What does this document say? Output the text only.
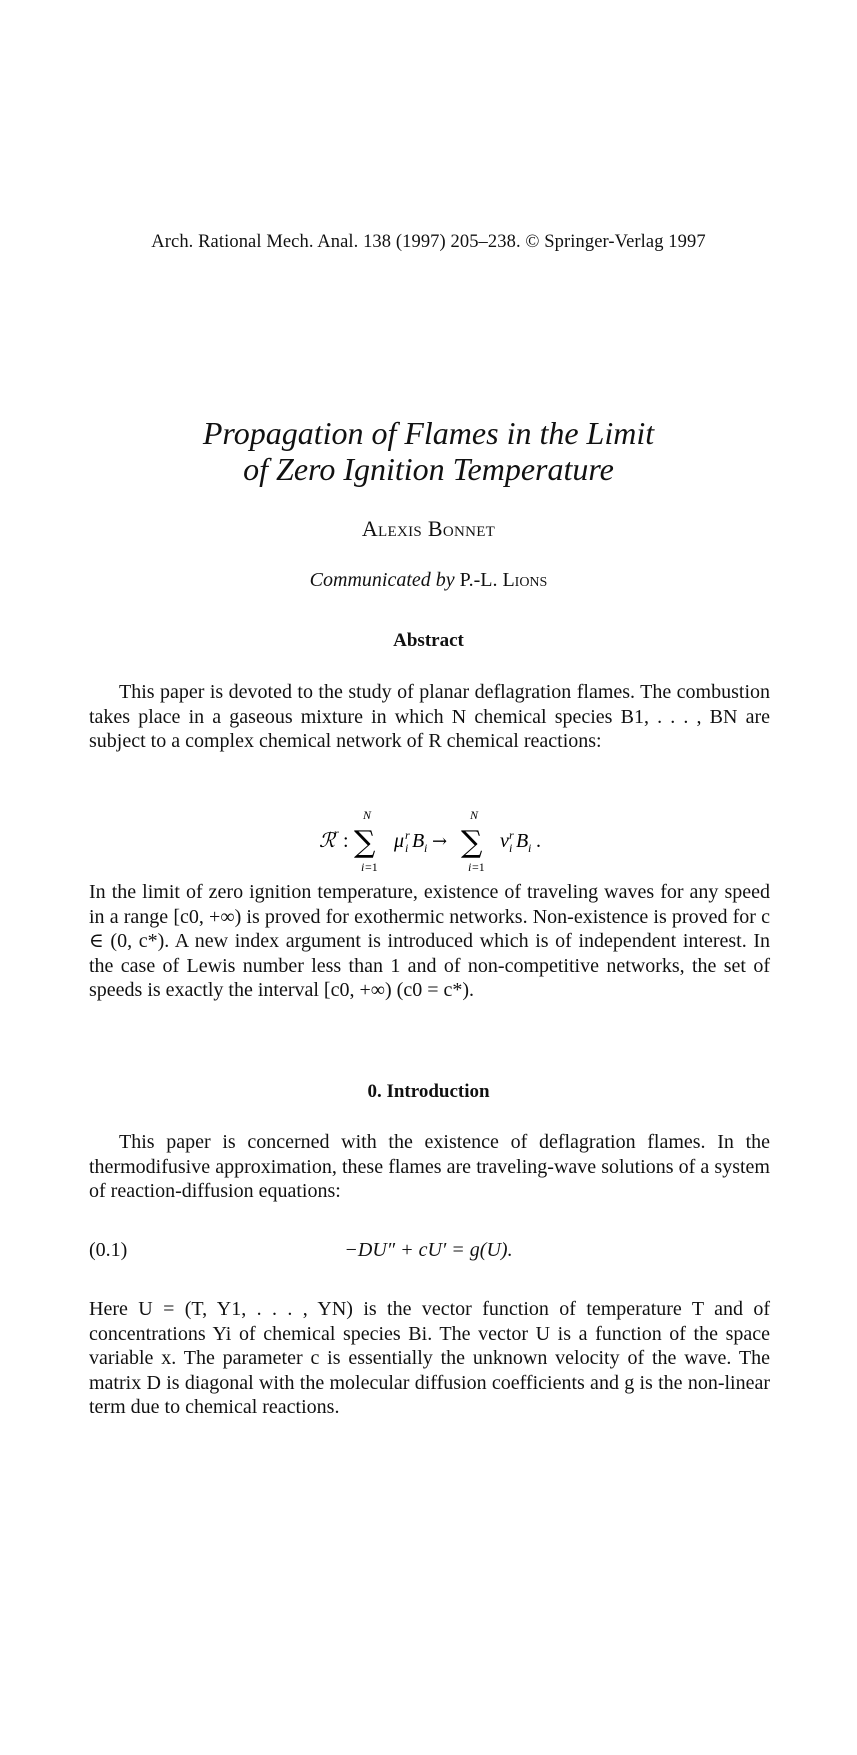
Arch. Rational Mech. Anal. 138 (1997) 205–238. © Springer-Verlag 1997
Propagation of Flames in the Limit
of Zero Ignition Temperature
Alexis Bonnet
Communicated by P.-L. Lions
Abstract

This paper is devoted to the study of planar deflagration flames. The combustion takes place in a gaseous mixture in which N chemical species B1, . . . , BN are subject to a complex chemical network of R chemical reactions:

ℛ r :
N
∑
i =1
μ r
i B i →
N
∑
i =1
ν r
i B i .

In the limit of zero ignition temperature, existence of traveling waves for any speed in a range [c0, +∞) is proved for exothermic networks. Non-existence is proved for c ∈ (0, c*). A new index argument is introduced which is of independent interest. In the case of Lewis number less than 1 and of non-competitive networks, the set of speeds is exactly the interval [c0, +∞) (c0 = c*).

0. Introduction

This paper is concerned with the existence of deflagration flames. In the thermodifusive approximation, these flames are traveling-wave solutions of a system of reaction-diffusion equations:

(0.1)	−DU″ + cU′ = g(U).

Here U = (T, Y1, . . . , YN) is the vector function of temperature T and of concentrations Yi of chemical species Bi. The vector U is a function of the space variable x. The parameter c is essentially the unknown velocity of the wave. The matrix D is diagonal with the molecular diffusion coefficients and g is the non-linear term due to chemical reactions.
